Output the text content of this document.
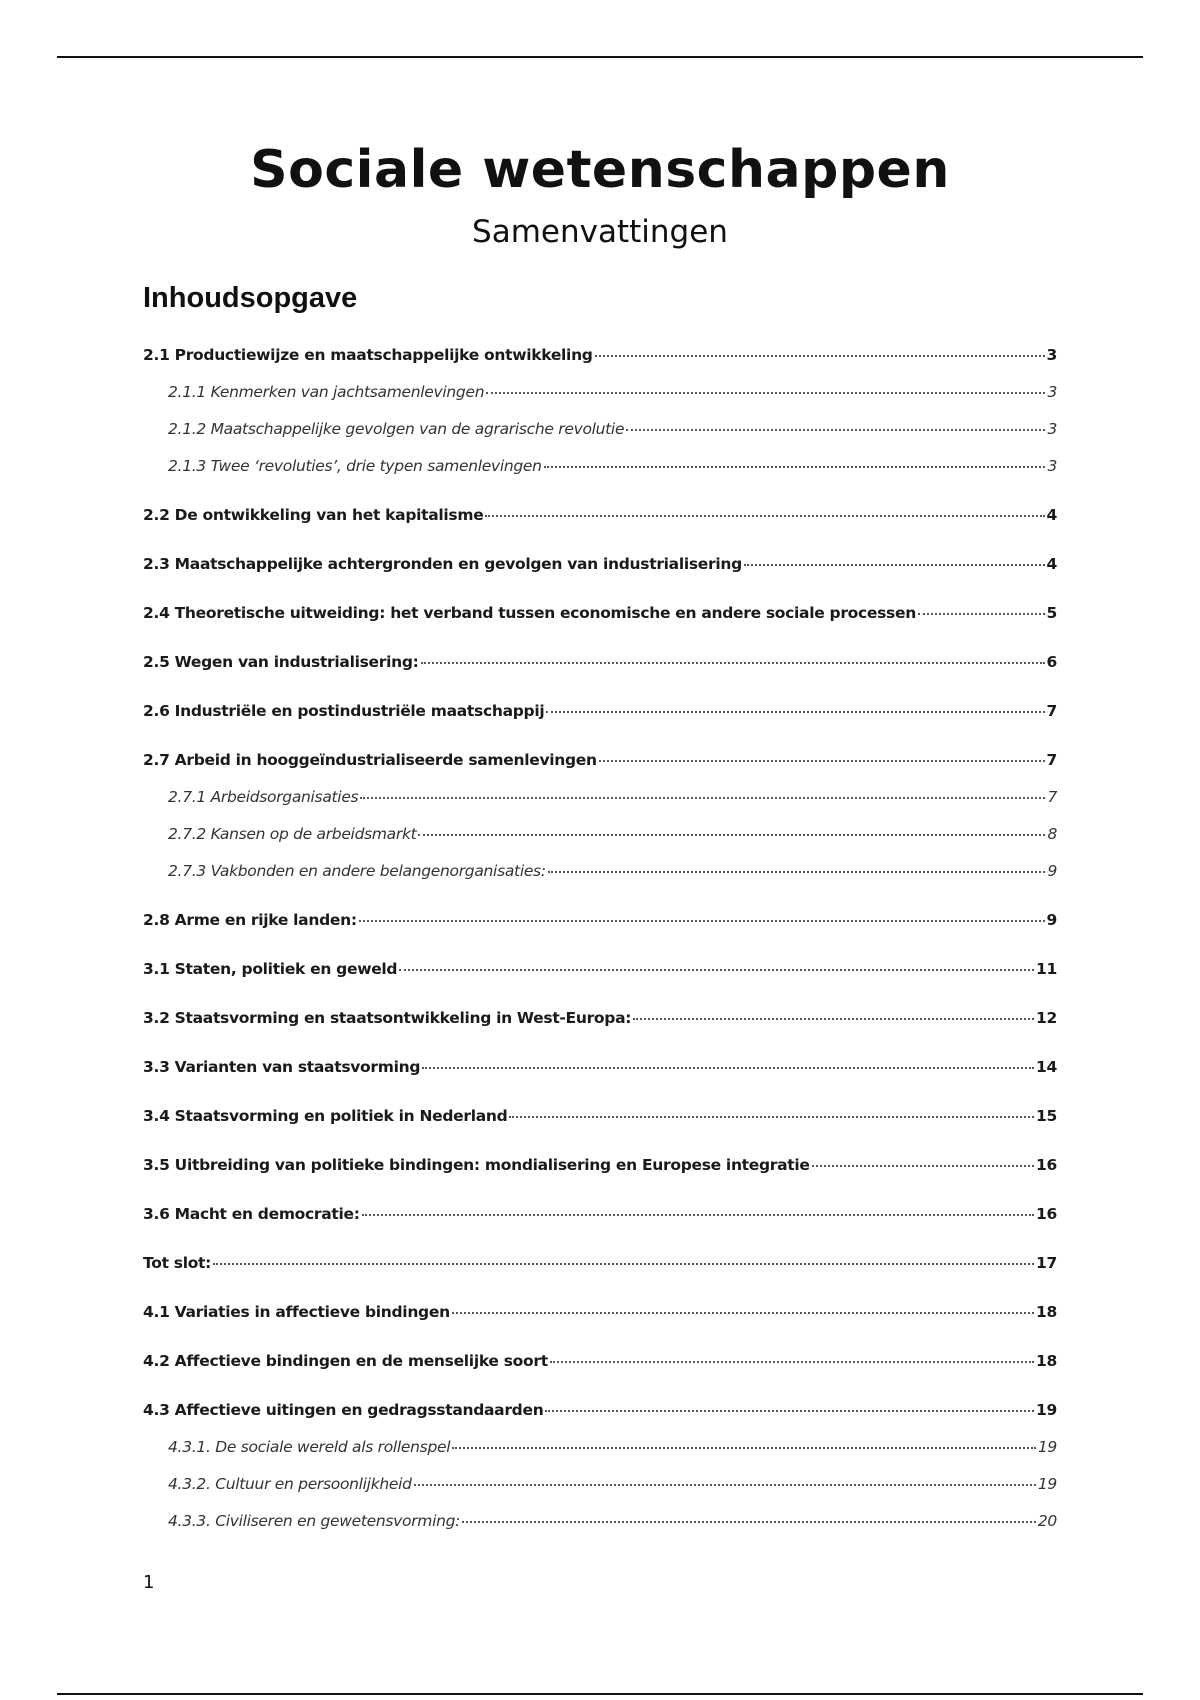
Sociale wetenschappen
Samenvattingen
Inhoudsopgave
2.1 Productiewijze en maatschappelijke ontwikkeling	3
2.1.1 Kenmerken van jachtsamenlevingen	3
2.1.2 Maatschappelijke gevolgen van de agrarische revolutie	3
2.1.3 Twee ‘revoluties’, drie typen samenlevingen	3
2.2 De ontwikkeling van het kapitalisme	4
2.3 Maatschappelijke achtergronden en gevolgen van industrialisering	4
2.4 Theoretische uitweiding: het verband tussen economische en andere sociale processen	5
2.5 Wegen van industrialisering:	6
2.6 Industriële en postindustriële maatschappij	7
2.7 Arbeid in hooggeïndustrialiseerde samenlevingen	7
2.7.1 Arbeidsorganisaties	7
2.7.2 Kansen op de arbeidsmarkt	8
2.7.3 Vakbonden en andere belangenorganisaties:	9
2.8 Arme en rijke landen:	9
3.1 Staten, politiek en geweld	11
3.2 Staatsvorming en staatsontwikkeling in West-Europa:	12
3.3 Varianten van staatsvorming	14
3.4 Staatsvorming en politiek in Nederland	15
3.5 Uitbreiding van politieke bindingen: mondialisering en Europese integratie	16
3.6 Macht en democratie:	16
Tot slot:	17
4.1 Variaties in affectieve bindingen	18
4.2 Affectieve bindingen en de menselijke soort	18
4.3 Affectieve uitingen en gedragsstandaarden	19
4.3.1. De sociale wereld als rollenspel	19
4.3.2. Cultuur en persoonlijkheid	19
4.3.3. Civiliseren en gewetensvorming:	20
1
